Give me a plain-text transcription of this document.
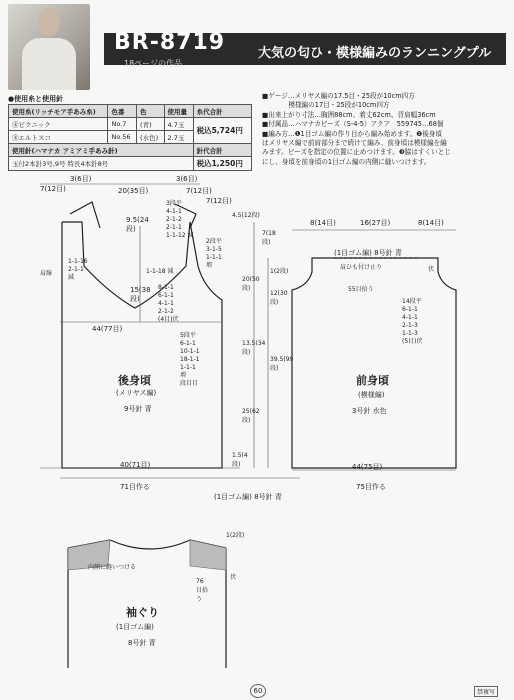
BR-8719
18ページの作品
大気の匂ひ・模様編みのランニングプル
●使用糸と使用針
使用糸(リッチモア手あみ糸)	色番	色	使用量	糸代合計
㊍ピクニック	No.7	(青)	4.7玉	税込5,724円
㊍エルトスコ	No.56	(水色)	2.7玉	
使用針(ハマナカ アミアミ手あみ針)				針代合計
玉付2本針3号,9号 特長4本針8号				税込1,250円
■ゲージ…メリヤス編の17.5目・25段が10cm四方
　　　　模様編の17目・25段が10cm四方
■出来上がり寸法…胸囲88cm、着丈62cm、背肩幅36cm
■付属品…ハマナカビーズ（S-4-5）アクア　559745…68個
■編み方…❶1目ゴム編の作り目から編み始めます。❷後身頃
はメリヤス編で前肩部分まで続けて編み、前身頃は模様編を編
みます。ビーズを指定の位置に止めつけます。❸脇はすくいとじ
にし、身頃を前身頃の1目ゴム編の内側に縫いつけます。
3(6目)
7(12目)	20(35目)	7(12目)
3(6目)
7(12目)
9.5(24段)
3段平
4-1-1
2-1-2
2-1-1
1-1-12 減
2段平
3-1-5
1-1-1
増
1-1-16
2-1-1
減
肩線	1-1-18 減
8-1-1
6-1-1
4-1-1
2-1-2
(4目)伏
15(38段)
44(77目)
5段平
6-1-1
10-1-1
18-1-1
1-1-1
増
段目目
後身頃
(メリヤス編)
9号針 青
40(71目)
71目作る
4.5(12段)
7(18段)
1(2段)
20(50段)
12(30段)
13.5(34段)
39.5(99段)
25(62段)
1.5(4段)
8(14目)	16(27目)	8(14目)
(1目ゴム編) 8号針 青
肩ひも付け止り	伏
55目拾う
14段平
6-1-1
4-1-1
2-1-3
1-1-3
(5目)伏
前身頃
(模様編)
3号針 水色
44(75目)
75目作る
(1目ゴム編) 8号針 青
1(2段)
内側に縫いつける
伏
76目拾う
袖ぐり
(1目ゴム編)
8号針 青
60	禁複写
